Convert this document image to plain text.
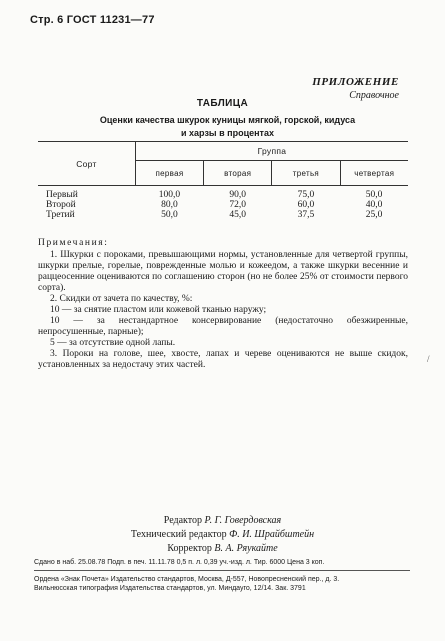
Стр. 6 ГОСТ 11231—77
ПРИЛОЖЕНИЕ
Справочное
ТАБЛИЦА
Оценки качества шкурок куницы мягкой, горской, кидуса
и харзы в процентах
Сорт	Группа			
	первая	вторая	третья	четвертая
Первый	100,0	90,0	75,0	50,0
Второй	80,0	72,0	60,0	40,0
Третий	50,0	45,0	37,5	25,0

Примечания:

1. Шкурки с пороками, превышающими нормы, установленные для четвертой группы, шкурки прелые, горелые, поврежденные молью и кожеедом, а также шкурки весенние и раццеосенние оцениваются по соглашению сторон (но не более 25% от стоимости первого сорта).

2. Скидки от зачета по качеству, %:

10 — за снятие пластом или кожевой тканью наружу;

10 — за нестандартное консервирование (недостаточно обезжиренные, непросушенные, парные);

5 — за отсутствие одной лапы.

3. Пороки на голове, шее, хвосте, лапах и череве оцениваются не выше скидок, установленных за недостачу этих частей.

/
Редактор Р. Г. Говердовская
Технический редактор Ф. И. Шрайбштейн
Корректор В. А. Ряукайте
Сдано в наб. 25.08.78 Подп. в печ. 11.11.78 0,5 п. л. 0,39 уч.-изд. л. Тир. 6000 Цена 3 коп.
Ордена «Знак Почета» Издательство стандартов, Москва, Д-557, Новопресненский пер., д. 3.
Вильнюсская типография Издательства стандартов, ул. Миндауго, 12/14. Зак. 3791
